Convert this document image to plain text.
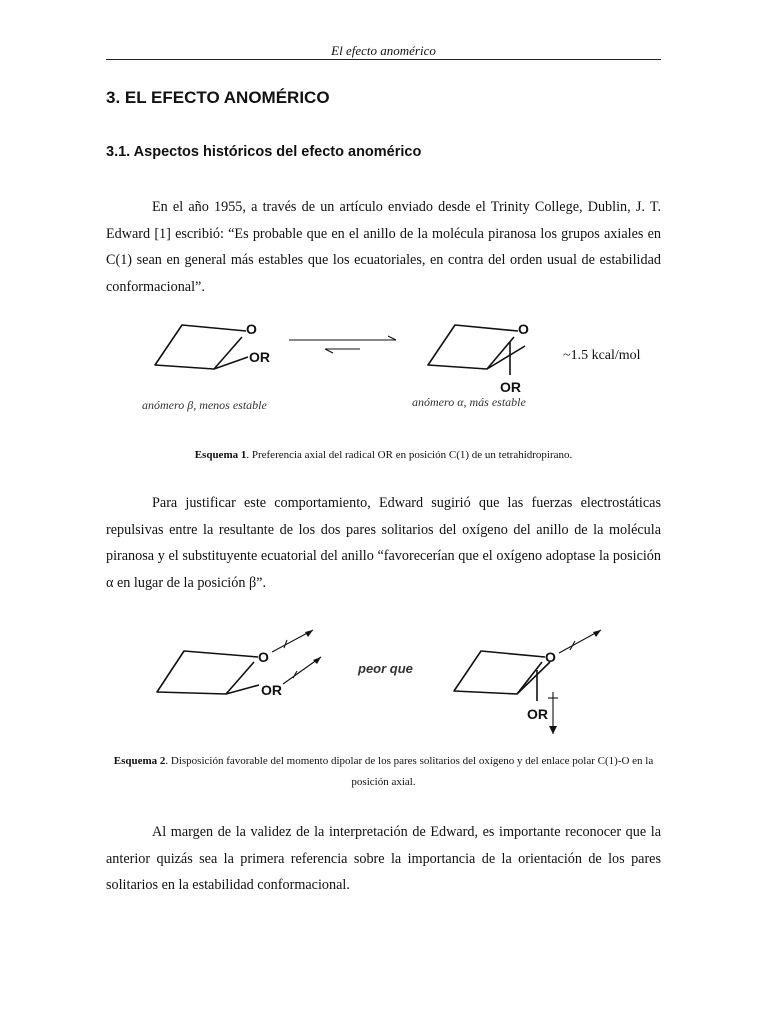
El efecto anomérico
3. EL EFECTO ANOMÉRICO
3.1. Aspectos históricos del efecto anomérico

En el año 1955, a través de un artículo enviado desde el Trinity College, Dublin, J. T. Edward [1] escribió: “Es probable que en el anillo de la molécula piranosa los grupos axiales en C(1) sean en general más estables que los ecuatoriales, en contra del orden usual de estabilidad conformacional”.

O
OR
anómero β, menos estable
O
OR
anómero α, más estable
~1.5 kcal/mol
O
OR
peor que
O
OR

Esquema 1. Preferencia axial del radical OR en posición C(1) de un tetrahidropirano.

Para justificar este comportamiento, Edward sugirió que las fuerzas electrostáticas repulsivas entre la resultante de los dos pares solitarios del oxígeno del anillo de la molécula piranosa y el substituyente ecuatorial del anillo “favorecerían que el oxígeno adoptase la posición α en lugar de la posición β”.

Esquema 2. Disposición favorable del momento dipolar de los pares solitarios del oxígeno y del enlace polar C(1)-O en la posición axial.

Al margen de la validez de la interpretación de Edward, es importante reconocer que la anterior quizás sea la primera referencia sobre la importancia de la orientación de los pares solitarios en la estabilidad conformacional.
